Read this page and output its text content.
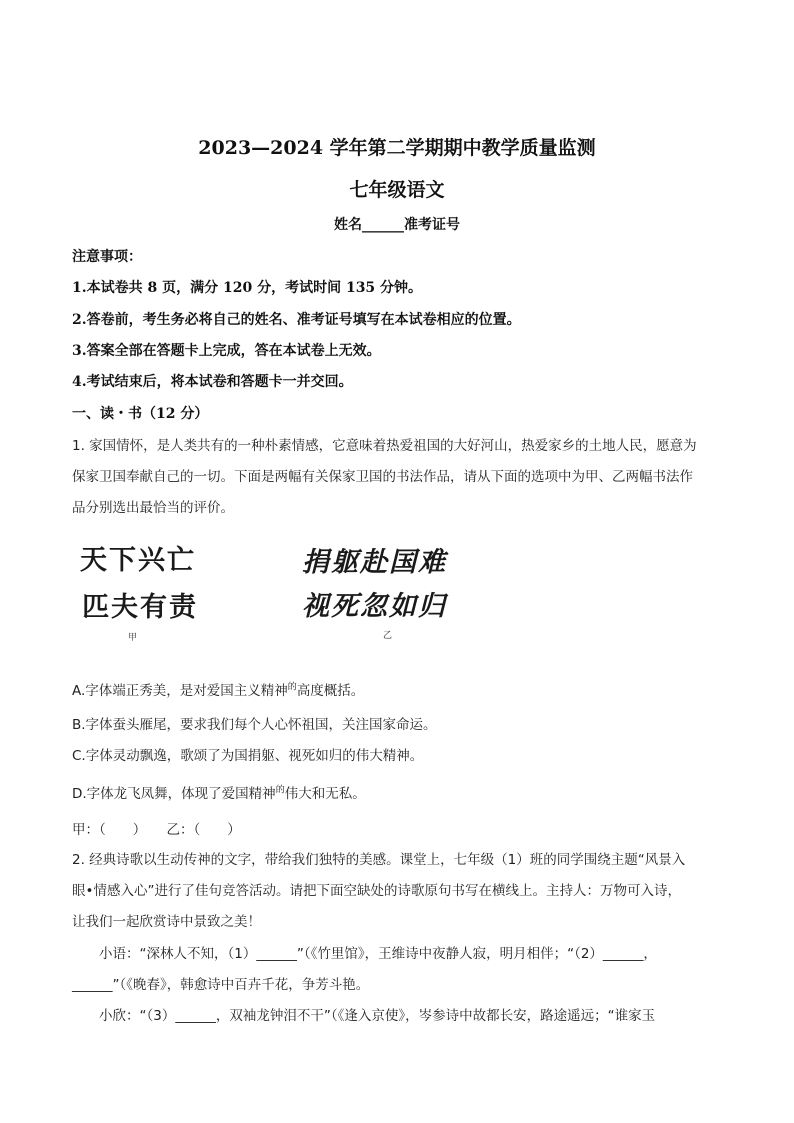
2023—2024 学年第二学期期中教学质量监测
七年级语文
姓名______准考证号
注意事项：
1.本试卷共 8 页，满分 120 分，考试时间 135 分钟。
2.答卷前，考生务必将自己的姓名、准考证号填写在本试卷相应的位置。
3.答案全部在答题卡上完成，答在本试卷上无效。
4.考试结束后，将本试卷和答题卡一并交回。
一、读・书（12 分）
1. 家国情怀，是人类共有的一种朴素情感，它意味着热爱祖国的大好河山，热爱家乡的土地人民，愿意为
保家卫国奉献自己的一切。下面是两幅有关保家卫国的书法作品，请从下面的选项中为甲、乙两幅书法作
品分别选出最恰当的评价。
天下兴亡
匹夫有责
甲
捐躯赴国难
视死忽如归
乙
A.字体端正秀美，是对爱国主义精神$^的$高度概括。
B.字体蚕头雁尾，要求我们每个人心怀祖国，关注国家命运。
C.字体灵动飘逸，歌颂了为国捐躯、视死如归的伟大精神。
D.字体龙飞凤舞，体现了爱国精神$^的$伟大和无私。
甲：（　　）　　乙：（　　）
2. 经典诗歌以生动传神的文字，带给我们独特的美感。课堂上，七年级（1）班的同学围绕主题“风景入
眼•情感入心”进行了佳句竞答活动。请把下面空缺处的诗歌原句书写在横线上。主持人：万物可入诗，
让我们一起欣赏诗中景致之美！
　　小语：“深林人不知，（1）______”（《竹里馆》，王维诗中夜静人寂，明月相伴；“（2）______，
______”（《晚春》，韩愈诗中百卉千花，争芳斗艳。
　　小欣：“（3）______，双袖龙钟泪不干”（《逢入京使》，岑参诗中故都长安，路途遥远；“谁家玉
